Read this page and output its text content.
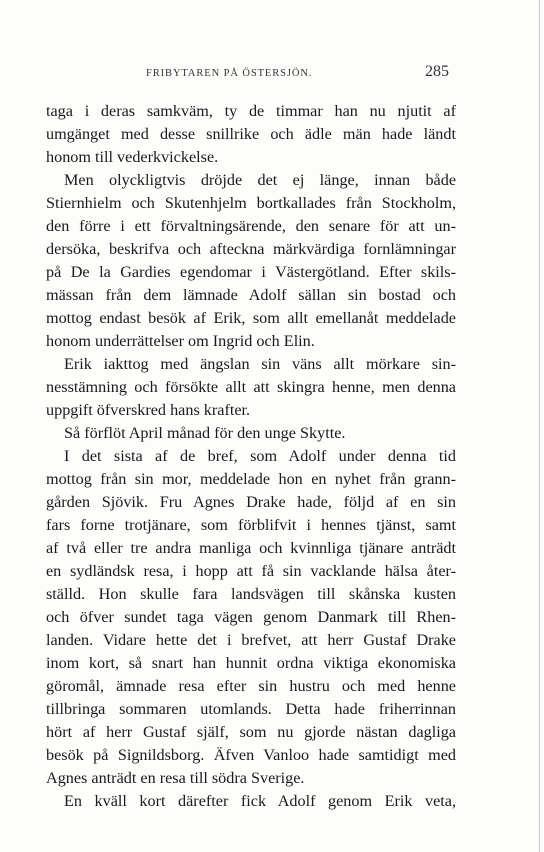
FRIBYTAREN PÅ ÖSTERSJÖN.	285
taga i deras samkväm, ty de timmar han nu njutit af
umgänget med desse snillrike och ädle män hade ländt
honom till vederkvickelse.
Men olyckligtvis dröjde det ej länge, innan både
Stiernhielm och Skutenhjelm bortkallades från Stockholm,
den förre i ett förvaltningsärende, den senare för att un-
dersöka, beskrifva och afteckna märkvärdiga fornlämningar
på De la Gardies egendomar i Västergötland. Efter skils-
mässan från dem lämnade Adolf sällan sin bostad och
mottog endast besök af Erik, som allt emellanåt meddelade
honom underrättelser om Ingrid och Elin.
Erik iakttog med ängslan sin väns allt mörkare sin-
nesstämning och försökte allt att skingra henne, men denna
uppgift öfverskred hans krafter.
Så förflöt April månad för den unge Skytte.
I det sista af de bref, som Adolf under denna tid
mottog från sin mor, meddelade hon en nyhet från grann-
gården Sjövik. Fru Agnes Drake hade, följd af en sin
fars forne trotjänare, som förblifvit i hennes tjänst, samt
af två eller tre andra manliga och kvinnliga tjänare anträdt
en sydländsk resa, i hopp att få sin vacklande hälsa åter-
ställd. Hon skulle fara landsvägen till skånska kusten
och öfver sundet taga vägen genom Danmark till Rhen-
landen. Vidare hette det i brefvet, att herr Gustaf Drake
inom kort, så snart han hunnit ordna viktiga ekonomiska
göromål, ämnade resa efter sin hustru och med henne
tillbringa sommaren utomlands. Detta hade friherrinnan
hört af herr Gustaf själf, som nu gjorde nästan dagliga
besök på Signildsborg. Äfven Vanloo hade samtidigt med
Agnes anträdt en resa till södra Sverige.
En kväll kort därefter fick Adolf genom Erik veta,
